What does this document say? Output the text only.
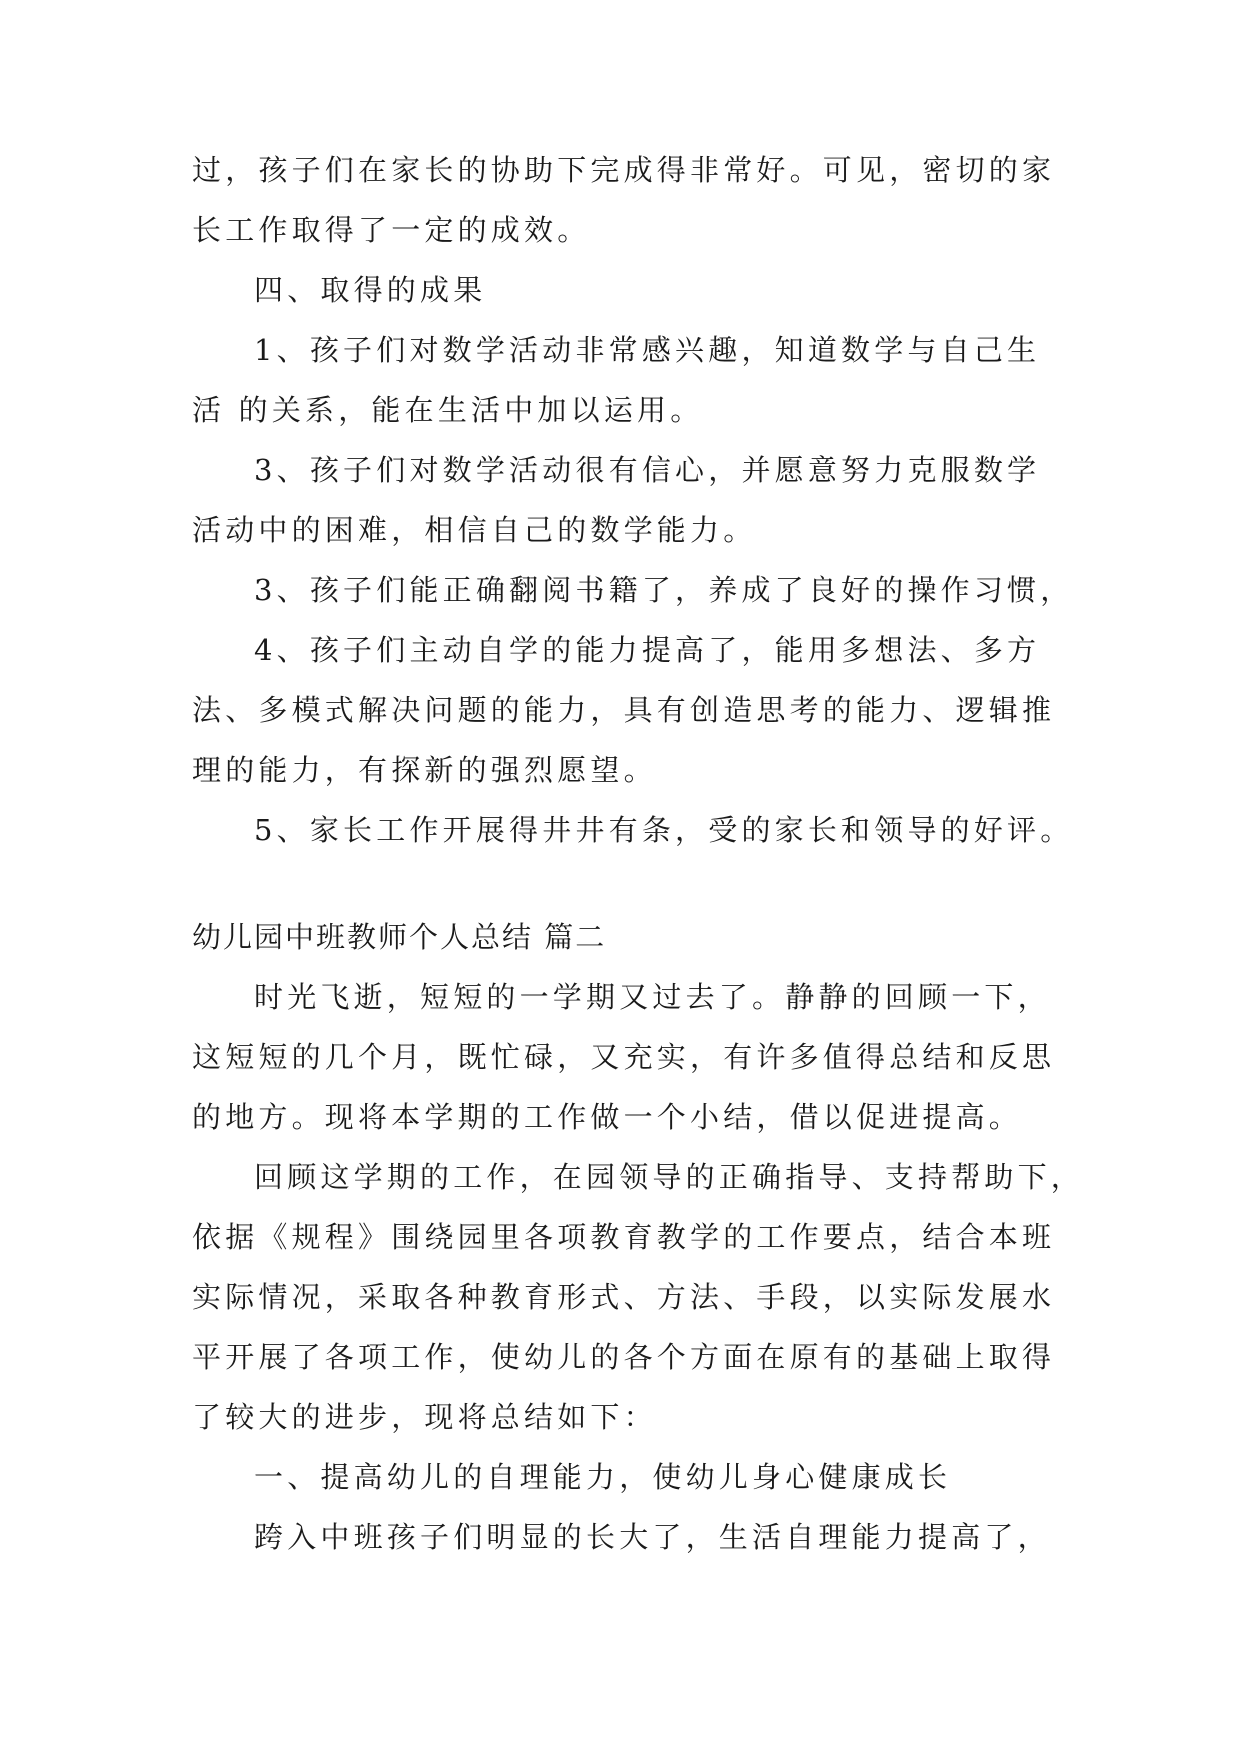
过，孩子们在家长的协助下完成得非常好。可见，密切的家
长工作取得了一定的成效。
四、取得的成果
1、孩子们对数学活动非常感兴趣，知道数学与自己生
活 的关系，能在生活中加以运用。
3、孩子们对数学活动很有信心，并愿意努力克服数学
活动中的困难，相信自己的数学能力。
3、孩子们能正确翻阅书籍了，养成了良好的操作习惯，
4、孩子们主动自学的能力提高了，能用多想法、多方
法、多模式解决问题的能力，具有创造思考的能力、逻辑推
理的能力，有探新的强烈愿望。
5、家长工作开展得井井有条，受的家长和领导的好评。
幼儿园中班教师个人总结 篇二
时光飞逝，短短的一学期又过去了。静静的回顾一下，
这短短的几个月，既忙碌，又充实，有许多值得总结和反思
的地方。现将本学期的工作做一个小结，借以促进提高。
回顾这学期的工作，在园领导的正确指导、支持帮助下，
依据《规程》围绕园里各项教育教学的工作要点，结合本班
实际情况，采取各种教育形式、方法、手段，以实际发展水
平开展了各项工作，使幼儿的各个方面在原有的基础上取得
了较大的进步，现将总结如下：
一、提高幼儿的自理能力，使幼儿身心健康成长
跨入中班孩子们明显的长大了，生活自理能力提高了，
